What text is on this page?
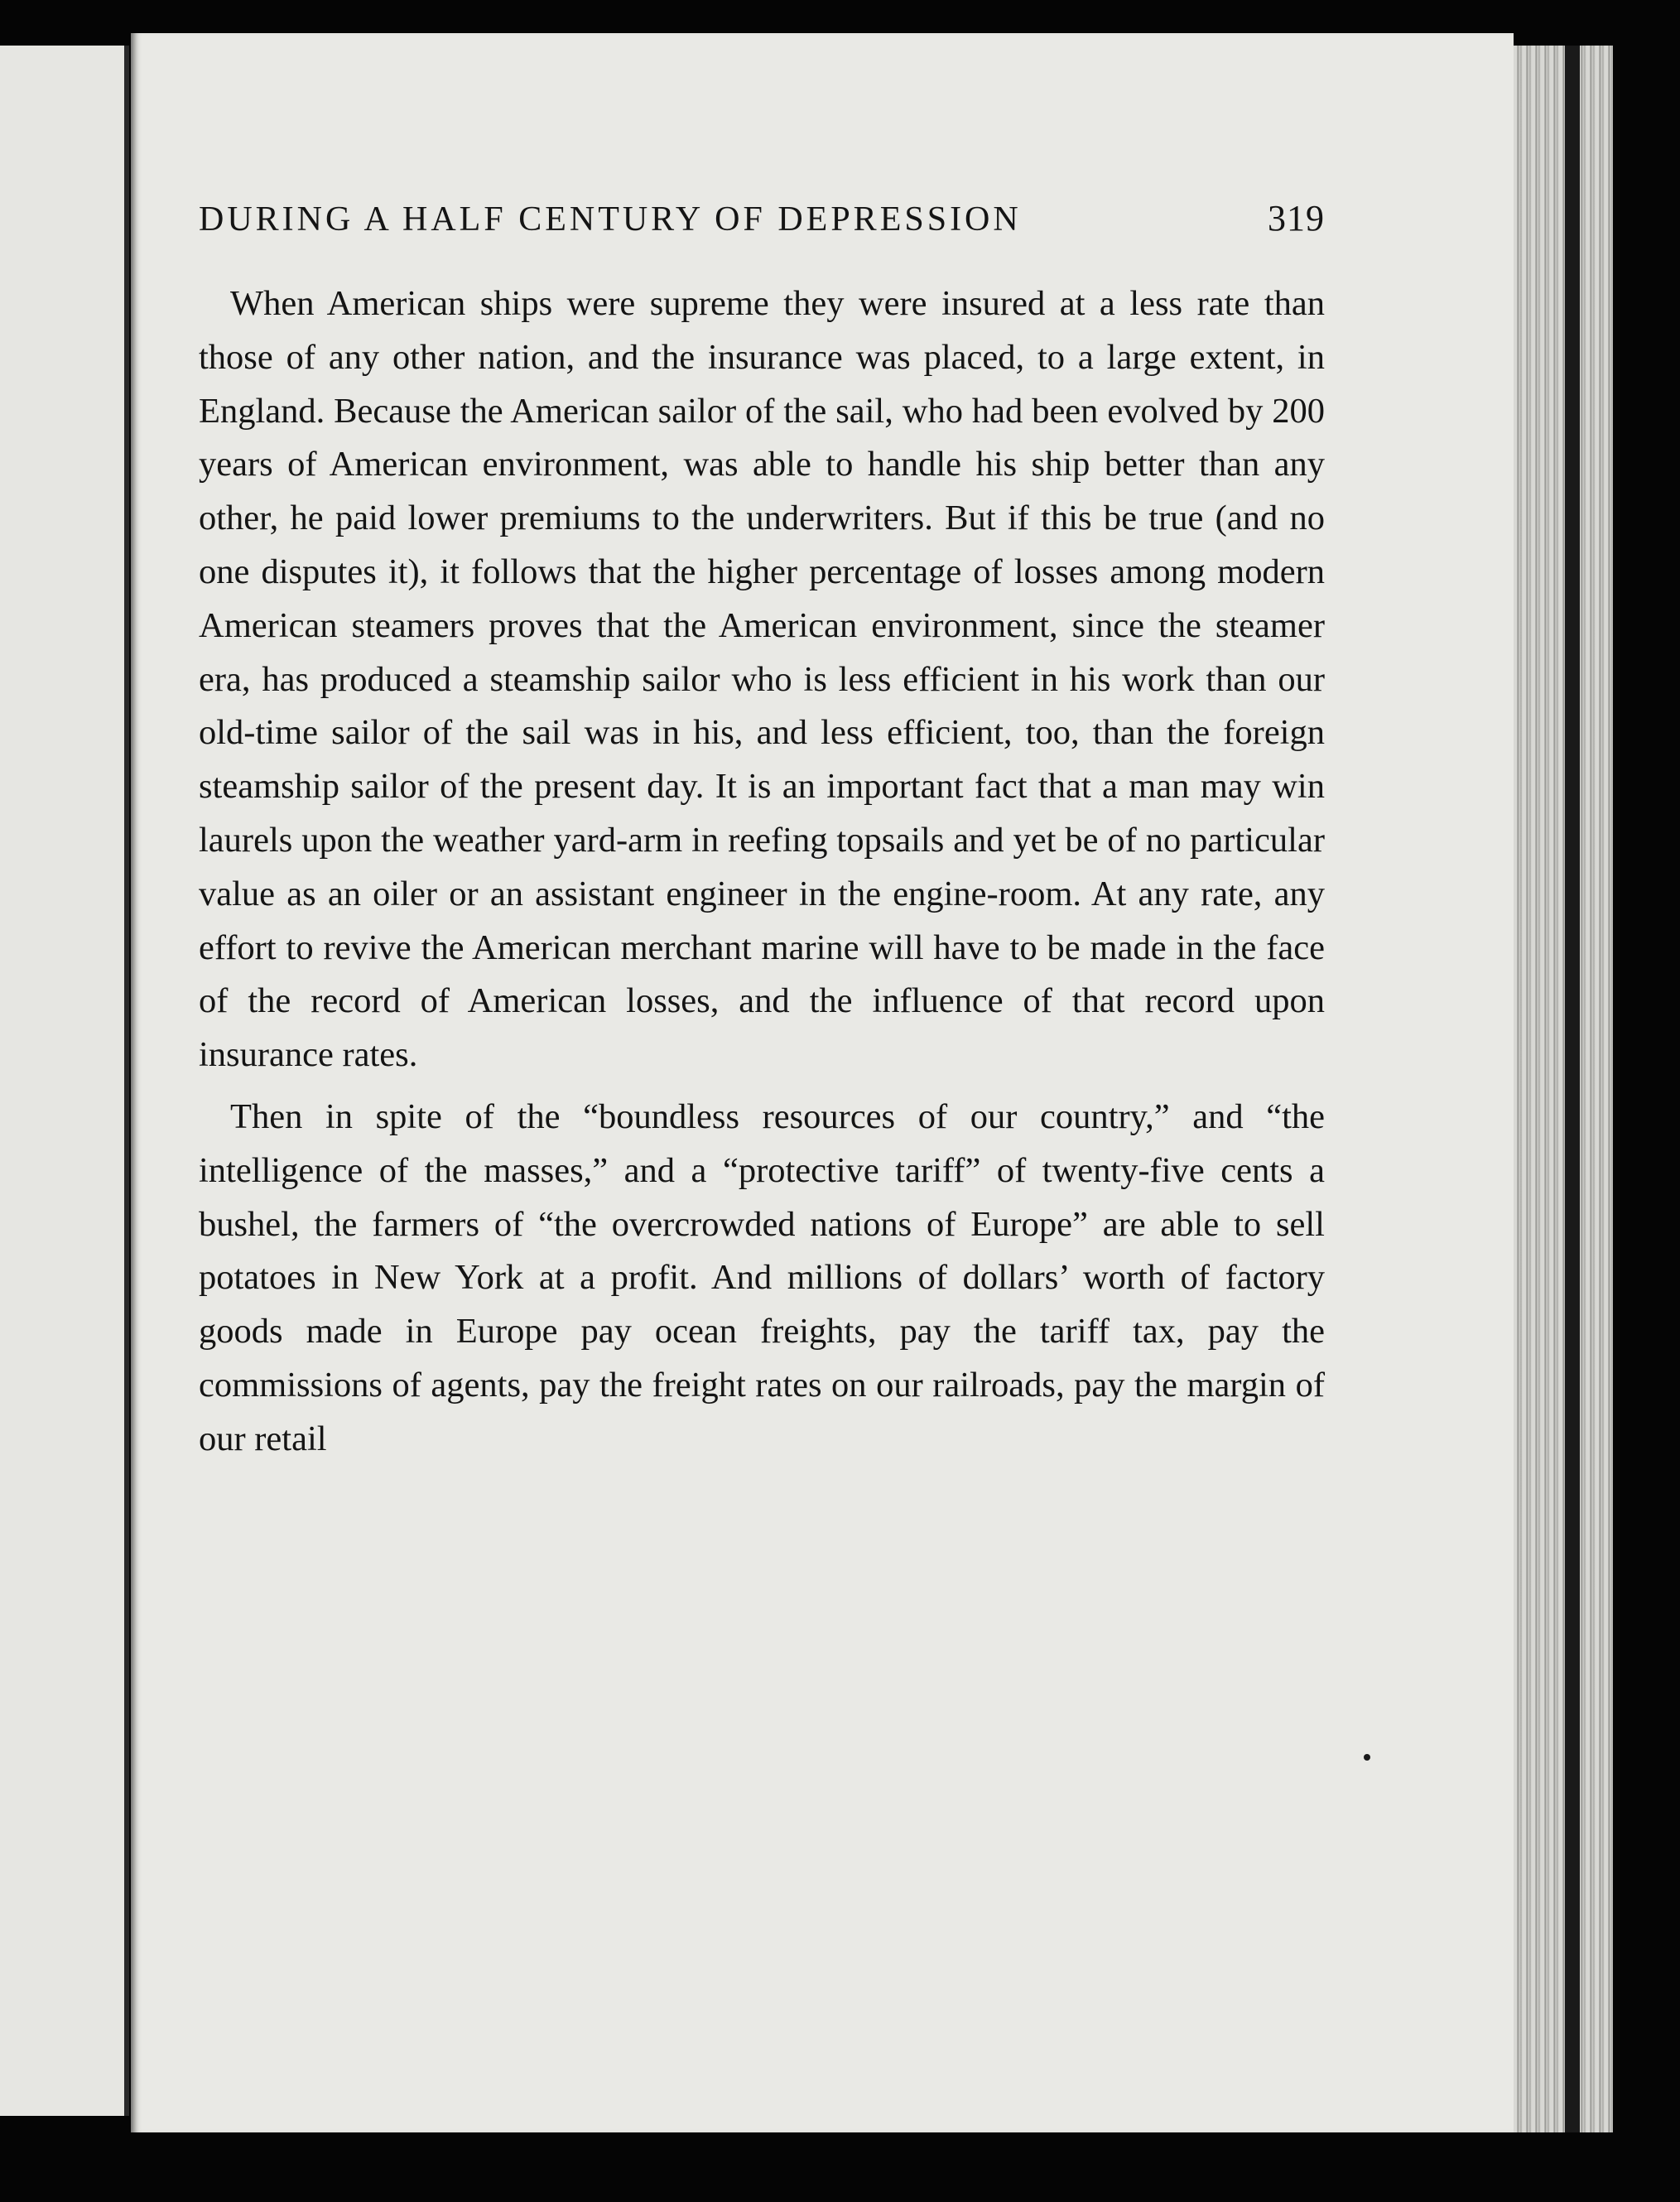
DURING A HALF CENTURY OF DEPRESSION	319

When American ships were supreme they were insured at a less rate than those of any other nation, and the insurance was placed, to a large extent, in England. Because the American sailor of the sail, who had been evolved by 200 years of American environment, was able to handle his ship better than any other, he paid lower premiums to the underwriters. But if this be true (and no one disputes it), it follows that the higher percentage of losses among modern American steamers proves that the American environment, since the steamer era, has produced a steamship sailor who is less efficient in his work than our old-time sailor of the sail was in his, and less efficient, too, than the foreign steamship sailor of the present day. It is an important fact that a man may win laurels upon the weather yard-arm in reefing topsails and yet be of no particular value as an oiler or an assistant engineer in the engine-room. At any rate, any effort to revive the American merchant marine will have to be made in the face of the record of American losses, and the influence of that record upon insurance rates.

Then in spite of the “boundless resources of our country,” and “the intelligence of the masses,” and a “protective tariff” of twenty-five cents a bushel, the farmers of “the overcrowded nations of Europe” are able to sell potatoes in New York at a profit. And millions of dollars’ worth of factory goods made in Europe pay ocean freights, pay the tariff tax, pay the commissions of agents, pay the freight rates on our railroads, pay the margin of our retail
